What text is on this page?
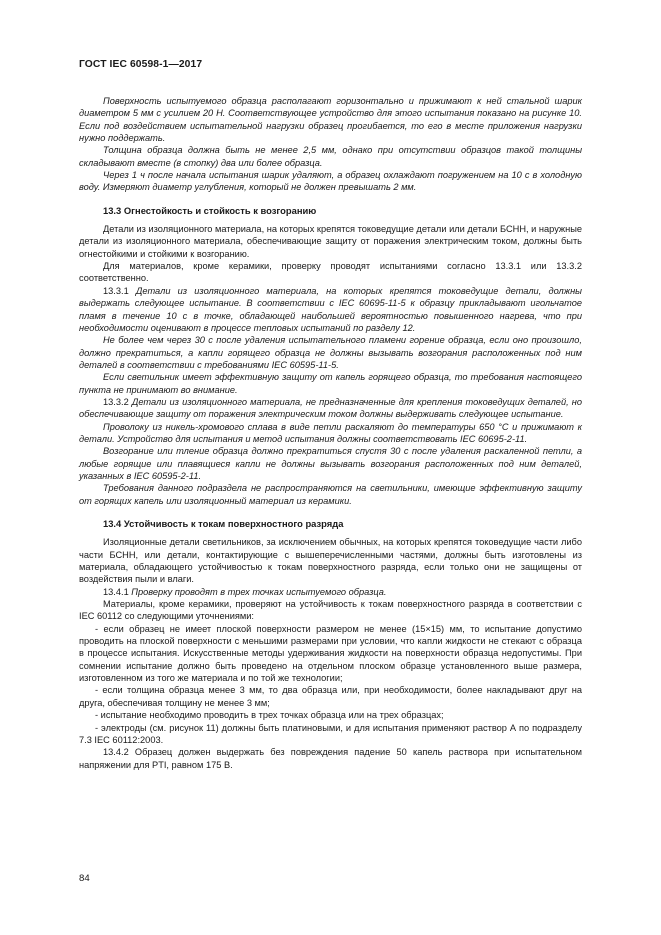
ГОСТ IEC 60598-1—2017

Поверхность испытуемого образца располагают горизонтально и прижимают к ней стальной шарик диаметром 5 мм с усилием 20 Н. Соответствующее устройство для этого испытания показано на рисунке 10. Если под воздействием испытательной нагрузки образец прогибается, то его в месте приложения нагрузки нужно поддержать.

Толщина образца должна быть не менее 2,5 мм, однако при отсутствии образцов такой толщины складывают вместе (в стопку) два или более образца.

Через 1 ч после начала испытания шарик удаляют, а образец охлаждают погружением на 10 с в холодную воду. Измеряют диаметр углубления, который не должен превышать 2 мм.

13.3 Огнестойкость и стойкость к возгоранию

Детали из изоляционного материала, на которых крепятся токоведущие детали или детали БСНН, и наружные детали из изоляционного материала, обеспечивающие защиту от поражения электрическим током, должны быть огнестойкими и стойкими к возгоранию.

Для материалов, кроме керамики, проверку проводят испытаниями согласно 13.3.1 или 13.3.2 соответственно.

13.3.1 Детали из изоляционного материала, на которых крепятся токоведущие детали, должны выдержать следующее испытание. В соответствии с IEC 60695-11-5 к образцу прикладывают игольчатое пламя в течение 10 с в точке, обладающей наибольшей вероятностью повышенного нагрева, что при необходимости оценивают в процессе тепловых испытаний по разделу 12.

Не более чем через 30 с после удаления испытательного пламени горение образца, если оно произошло, должно прекратиться, а капли горящего образца не должны вызывать возгорания расположенных под ним деталей в соответствии с требованиями IEC 60595-11-5.

Если светильник имеет эффективную защиту от капель горящего образца, то требования настоящего пункта не принимают во внимание.

13.3.2 Детали из изоляционного материала, не предназначенные для крепления токоведущих деталей, но обеспечивающие защиту от поражения электрическим током должны выдерживать следующее испытание.

Проволоку из никель-хромового сплава в виде петли раскаляют до температуры 650 °С и прижимают к детали. Устройство для испытания и метод испытания должны соответствовать IEC 60695-2-11.

Возгорание или тление образца должно прекратиться спустя 30 с после удаления раскаленной петли, а любые горящие или плавящиеся капли не должны вызывать возгорания расположенных под ним деталей, указанных в IEC 60595-2-11.

Требования данного подраздела не распространяются на светильники, имеющие эффективную защиту от горящих капель или изоляционный материал из керамики.

13.4 Устойчивость к токам поверхностного разряда

Изоляционные детали светильников, за исключением обычных, на которых крепятся токоведущие части либо части БСНН, или детали, контактирующие с вышеперечисленными частями, должны быть изготовлены из материала, обладающего устойчивостью к токам поверхностного разряда, если только они не защищены от воздействия пыли и влаги.

13.4.1 Проверку проводят в трех точках испытуемого образца.

Материалы, кроме керамики, проверяют на устойчивость к токам поверхностного разряда в соответствии с IEC 60112 со следующими уточнениями:

- если образец не имеет плоской поверхности размером не менее (15×15) мм, то испытание допустимо проводить на плоской поверхности с меньшими размерами при условии, что капли жидкости не стекают с образца в процессе испытания. Искусственные методы удерживания жидкости на поверхности образца недопустимы. При сомнении испытание должно быть проведено на отдельном плоском образце установленного выше размера, изготовленном из того же материала и по той же технологии;

- если толщина образца менее 3 мм, то два образца или, при необходимости, более накладывают друг на друга, обеспечивая толщину не менее 3 мм;

- испытание необходимо проводить в трех точках образца или на трех образцах;

- электроды (см. рисунок 11) должны быть платиновыми, и для испытания применяют раствор А по подразделу 7.3 IEC 60112:2003.

13.4.2 Образец должен выдержать без повреждения падение 50 капель раствора при испытательном напряжении для PTI, равном 175 В.

84
